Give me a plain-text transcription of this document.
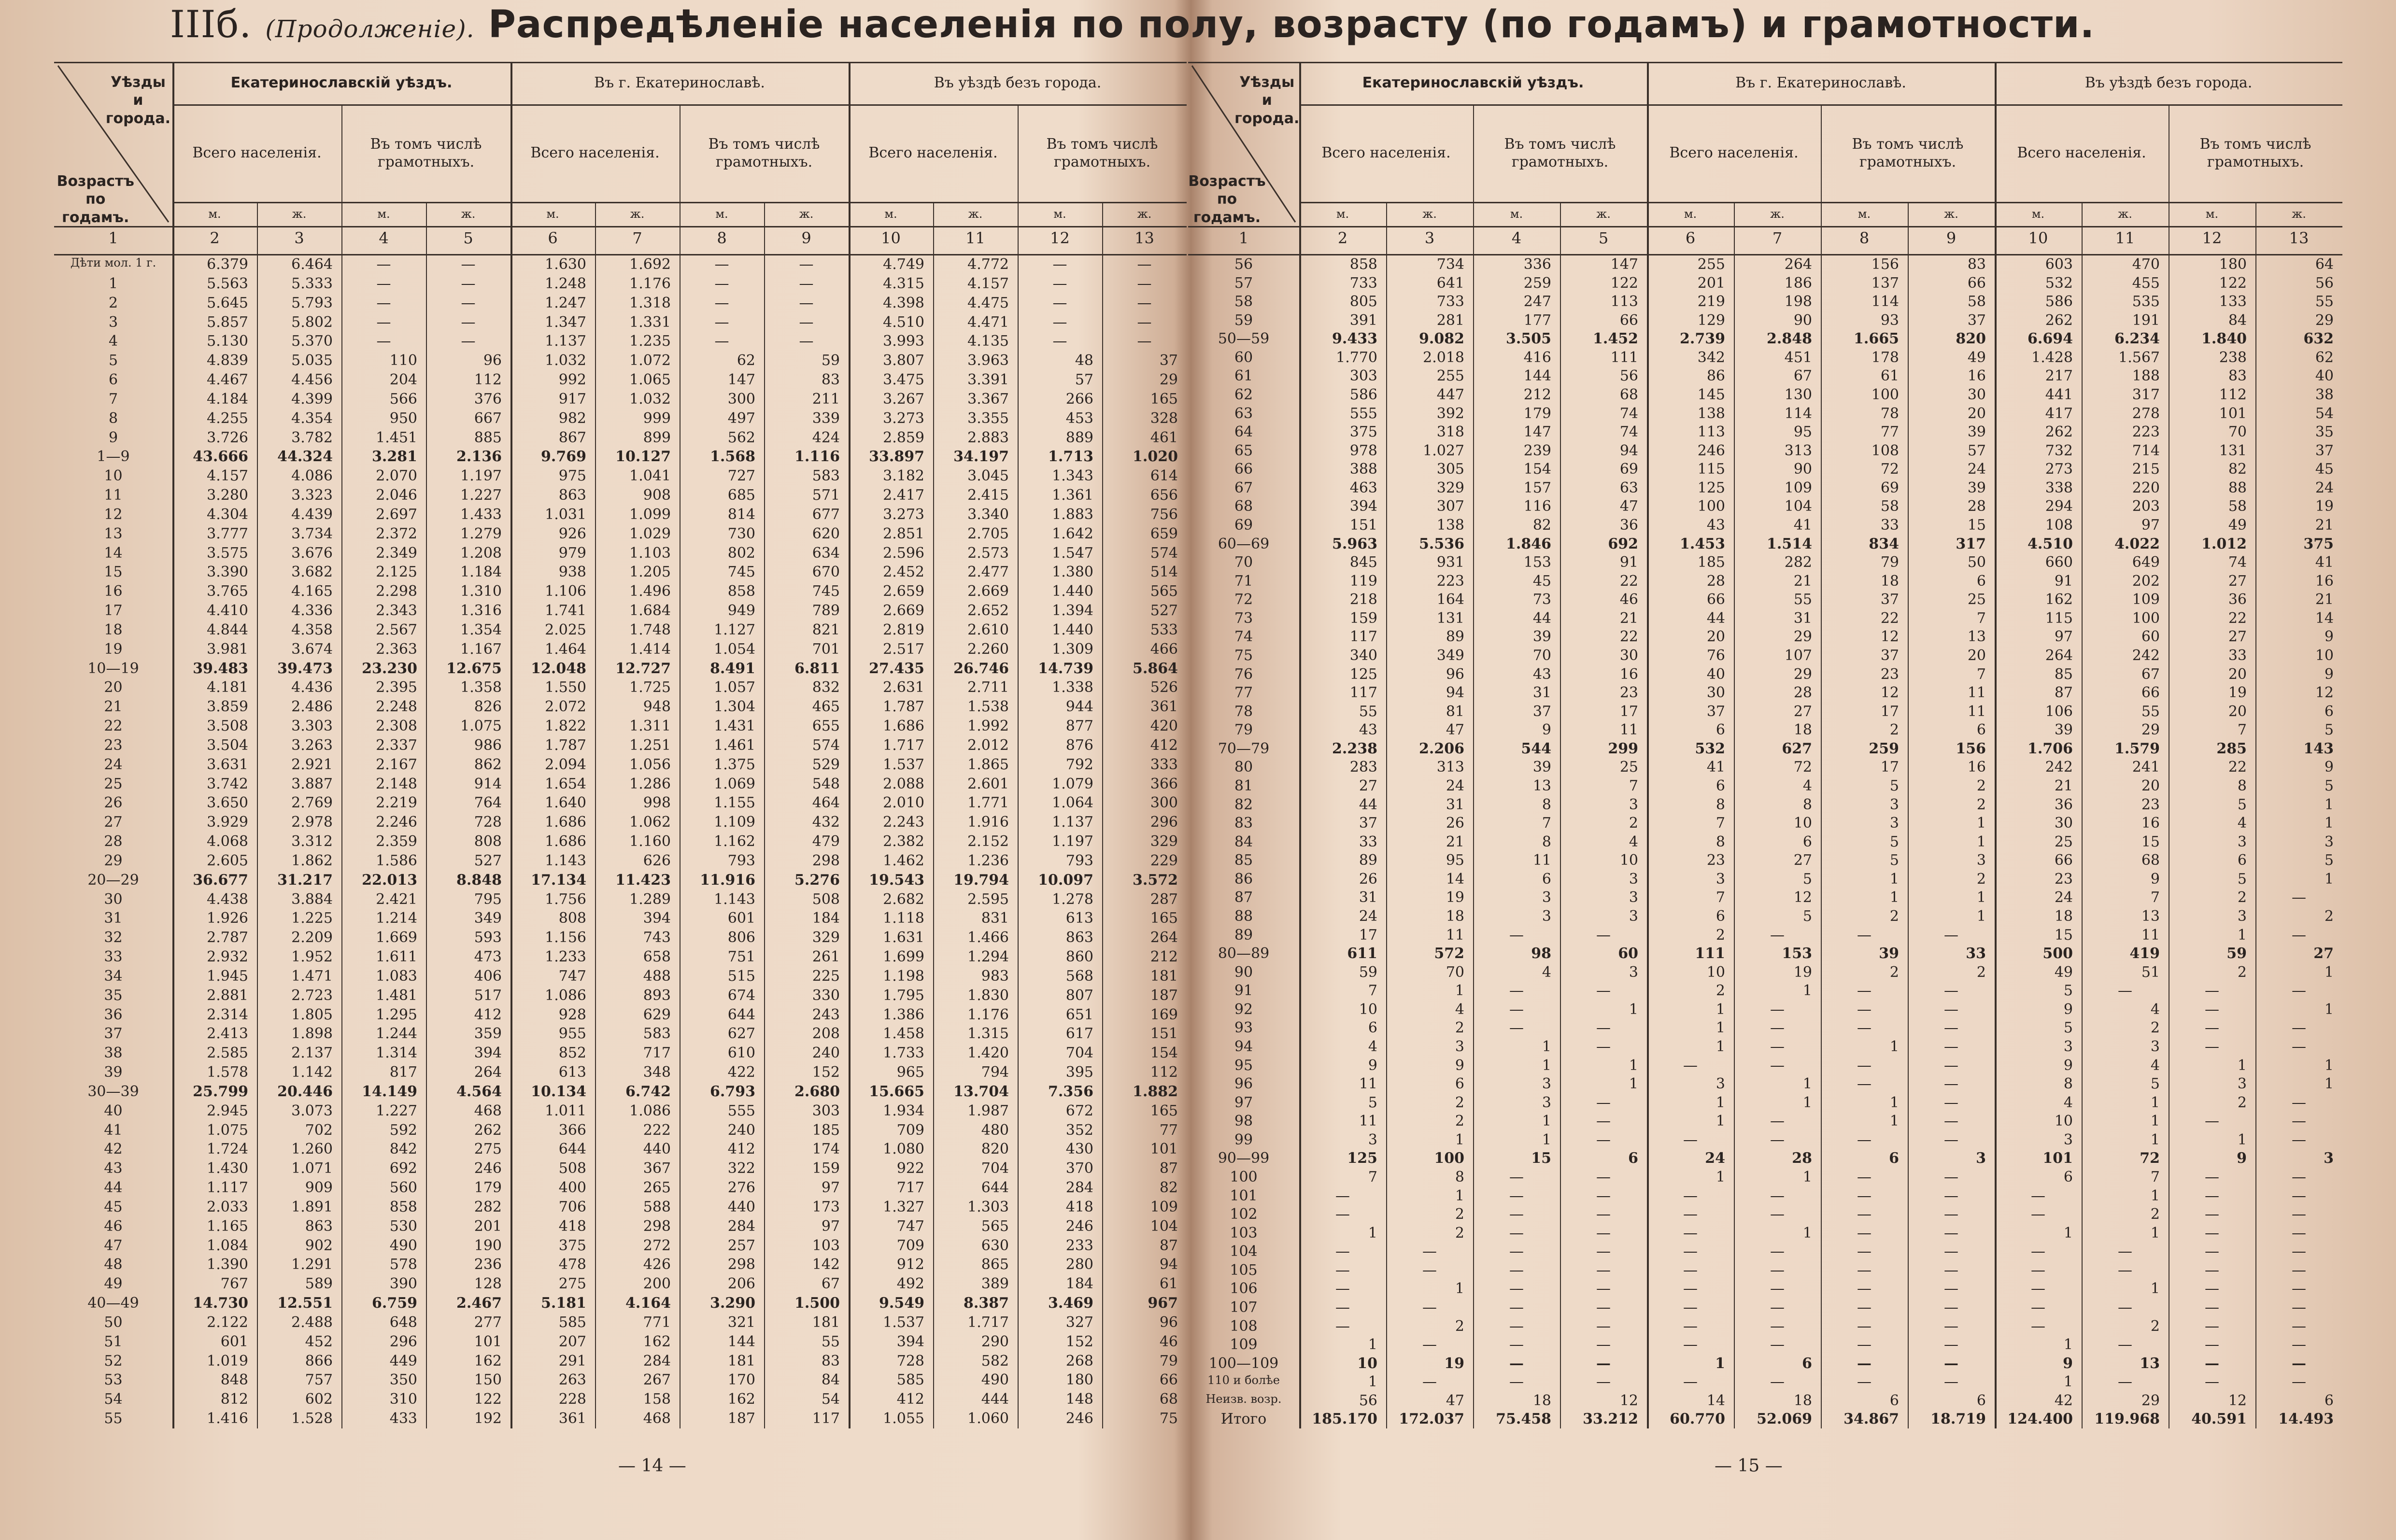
IIIб. (Продолженіе). Распредѣленіе населенія по полу, возрасту (по годамъ) и грамотности.
Уѣзды и города.
Возрастъ по годамъ.
Екатеринославскій уѣздъ.
Всего населенія.
м.	ж.
Въ томъ числѣ грамотныхъ.
м.	ж.
Въ г. Екатеринославѣ.
Всего населенія.
м.	ж.
Въ томъ числѣ грамотныхъ.
м.	ж.
Въ уѣздѣ безъ города.
Всего населенія.
м.	ж.
Въ томъ числѣ грамотныхъ.
м.	ж.
1	2	3	4	5	6	7	8	9	10	11	12	13
Дѣти мол. 1 г.	6.379	6.464	—	—	1.630	1.692	—	—	4.749	4.772	—	—
1	5.563	5.333	—	—	1.248	1.176	—	—	4.315	4.157	—	—
2	5.645	5.793	—	—	1.247	1.318	—	—	4.398	4.475	—	—
3	5.857	5.802	—	—	1.347	1.331	—	—	4.510	4.471	—	—
4	5.130	5.370	—	—	1.137	1.235	—	—	3.993	4.135	—	—
5	4.839	5.035	110	96	1.032	1.072	62	59	3.807	3.963	48	37
6	4.467	4.456	204	112	992	1.065	147	83	3.475	3.391	57	29
7	4.184	4.399	566	376	917	1.032	300	211	3.267	3.367	266	165
8	4.255	4.354	950	667	982	999	497	339	3.273	3.355	453	328
9	3.726	3.782	1.451	885	867	899	562	424	2.859	2.883	889	461
1—9	43.666	44.324	3.281	2.136	9.769	10.127	1.568	1.116	33.897	34.197	1.713	1.020
10	4.157	4.086	2.070	1.197	975	1.041	727	583	3.182	3.045	1.343	614
11	3.280	3.323	2.046	1.227	863	908	685	571	2.417	2.415	1.361	656
12	4.304	4.439	2.697	1.433	1.031	1.099	814	677	3.273	3.340	1.883	756
13	3.777	3.734	2.372	1.279	926	1.029	730	620	2.851	2.705	1.642	659
14	3.575	3.676	2.349	1.208	979	1.103	802	634	2.596	2.573	1.547	574
15	3.390	3.682	2.125	1.184	938	1.205	745	670	2.452	2.477	1.380	514
16	3.765	4.165	2.298	1.310	1.106	1.496	858	745	2.659	2.669	1.440	565
17	4.410	4.336	2.343	1.316	1.741	1.684	949	789	2.669	2.652	1.394	527
18	4.844	4.358	2.567	1.354	2.025	1.748	1.127	821	2.819	2.610	1.440	533
19	3.981	3.674	2.363	1.167	1.464	1.414	1.054	701	2.517	2.260	1.309	466
10—19	39.483	39.473	23.230	12.675	12.048	12.727	8.491	6.811	27.435	26.746	14.739	5.864
20	4.181	4.436	2.395	1.358	1.550	1.725	1.057	832	2.631	2.711	1.338	526
21	3.859	2.486	2.248	826	2.072	948	1.304	465	1.787	1.538	944	361
22	3.508	3.303	2.308	1.075	1.822	1.311	1.431	655	1.686	1.992	877	420
23	3.504	3.263	2.337	986	1.787	1.251	1.461	574	1.717	2.012	876	412
24	3.631	2.921	2.167	862	2.094	1.056	1.375	529	1.537	1.865	792	333
25	3.742	3.887	2.148	914	1.654	1.286	1.069	548	2.088	2.601	1.079	366
26	3.650	2.769	2.219	764	1.640	998	1.155	464	2.010	1.771	1.064	300
27	3.929	2.978	2.246	728	1.686	1.062	1.109	432	2.243	1.916	1.137	296
28	4.068	3.312	2.359	808	1.686	1.160	1.162	479	2.382	2.152	1.197	329
29	2.605	1.862	1.586	527	1.143	626	793	298	1.462	1.236	793	229
20—29	36.677	31.217	22.013	8.848	17.134	11.423	11.916	5.276	19.543	19.794	10.097	3.572
30	4.438	3.884	2.421	795	1.756	1.289	1.143	508	2.682	2.595	1.278	287
31	1.926	1.225	1.214	349	808	394	601	184	1.118	831	613	165
32	2.787	2.209	1.669	593	1.156	743	806	329	1.631	1.466	863	264
33	2.932	1.952	1.611	473	1.233	658	751	261	1.699	1.294	860	212
34	1.945	1.471	1.083	406	747	488	515	225	1.198	983	568	181
35	2.881	2.723	1.481	517	1.086	893	674	330	1.795	1.830	807	187
36	2.314	1.805	1.295	412	928	629	644	243	1.386	1.176	651	169
37	2.413	1.898	1.244	359	955	583	627	208	1.458	1.315	617	151
38	2.585	2.137	1.314	394	852	717	610	240	1.733	1.420	704	154
39	1.578	1.142	817	264	613	348	422	152	965	794	395	112
30—39	25.799	20.446	14.149	4.564	10.134	6.742	6.793	2.680	15.665	13.704	7.356	1.882
40	2.945	3.073	1.227	468	1.011	1.086	555	303	1.934	1.987	672	165
41	1.075	702	592	262	366	222	240	185	709	480	352	77
42	1.724	1.260	842	275	644	440	412	174	1.080	820	430	101
43	1.430	1.071	692	246	508	367	322	159	922	704	370	87
44	1.117	909	560	179	400	265	276	97	717	644	284	82
45	2.033	1.891	858	282	706	588	440	173	1.327	1.303	418	109
46	1.165	863	530	201	418	298	284	97	747	565	246	104
47	1.084	902	490	190	375	272	257	103	709	630	233	87
48	1.390	1.291	578	236	478	426	298	142	912	865	280	94
49	767	589	390	128	275	200	206	67	492	389	184	61
40—49	14.730	12.551	6.759	2.467	5.181	4.164	3.290	1.500	9.549	8.387	3.469	967
50	2.122	2.488	648	277	585	771	321	181	1.537	1.717	327	96
51	601	452	296	101	207	162	144	55	394	290	152	46
52	1.019	866	449	162	291	284	181	83	728	582	268	79
53	848	757	350	150	263	267	170	84	585	490	180	66
54	812	602	310	122	228	158	162	54	412	444	148	68
55	1.416	1.528	433	192	361	468	187	117	1.055	1.060	246	75
Уѣзды и города.
Возрастъ по годамъ.
Екатеринославскій уѣздъ.
Всего населенія.
м.	ж.
Въ томъ числѣ грамотныхъ.
м.	ж.
Въ г. Екатеринославѣ.
Всего населенія.
м.	ж.
Въ томъ числѣ грамотныхъ.
м.	ж.
Въ уѣздѣ безъ города.
Всего населенія.
м.	ж.
Въ томъ числѣ грамотныхъ.
м.	ж.
1	2	3	4	5	6	7	8	9	10	11	12	13
56	858	734	336	147	255	264	156	83	603	470	180	64
57	733	641	259	122	201	186	137	66	532	455	122	56
58	805	733	247	113	219	198	114	58	586	535	133	55
59	391	281	177	66	129	90	93	37	262	191	84	29
50—59	9.433	9.082	3.505	1.452	2.739	2.848	1.665	820	6.694	6.234	1.840	632
60	1.770	2.018	416	111	342	451	178	49	1.428	1.567	238	62
61	303	255	144	56	86	67	61	16	217	188	83	40
62	586	447	212	68	145	130	100	30	441	317	112	38
63	555	392	179	74	138	114	78	20	417	278	101	54
64	375	318	147	74	113	95	77	39	262	223	70	35
65	978	1.027	239	94	246	313	108	57	732	714	131	37
66	388	305	154	69	115	90	72	24	273	215	82	45
67	463	329	157	63	125	109	69	39	338	220	88	24
68	394	307	116	47	100	104	58	28	294	203	58	19
69	151	138	82	36	43	41	33	15	108	97	49	21
60—69	5.963	5.536	1.846	692	1.453	1.514	834	317	4.510	4.022	1.012	375
70	845	931	153	91	185	282	79	50	660	649	74	41
71	119	223	45	22	28	21	18	6	91	202	27	16
72	218	164	73	46	66	55	37	25	162	109	36	21
73	159	131	44	21	44	31	22	7	115	100	22	14
74	117	89	39	22	20	29	12	13	97	60	27	9
75	340	349	70	30	76	107	37	20	264	242	33	10
76	125	96	43	16	40	29	23	7	85	67	20	9
77	117	94	31	23	30	28	12	11	87	66	19	12
78	55	81	37	17	37	27	17	11	106	55	20	6
79	43	47	9	11	6	18	2	6	39	29	7	5
70—79	2.238	2.206	544	299	532	627	259	156	1.706	1.579	285	143
80	283	313	39	25	41	72	17	16	242	241	22	9
81	27	24	13	7	6	4	5	2	21	20	8	5
82	44	31	8	3	8	8	3	2	36	23	5	1
83	37	26	7	2	7	10	3	1	30	16	4	1
84	33	21	8	4	8	6	5	1	25	15	3	3
85	89	95	11	10	23	27	5	3	66	68	6	5
86	26	14	6	3	3	5	1	2	23	9	5	1
87	31	19	3	3	7	12	1	1	24	7	2	—
88	24	18	3	3	6	5	2	1	18	13	3	2
89	17	11	—	—	2	—	—	—	15	11	1	—
80—89	611	572	98	60	111	153	39	33	500	419	59	27
90	59	70	4	3	10	19	2	2	49	51	2	1
91	7	1	—	—	2	1	—	—	5	—	—	—
92	10	4	—	1	1	—	—	—	9	4	—	1
93	6	2	—	—	1	—	—	—	5	2	—	—
94	4	3	1	—	1	—	1	—	3	3	—	—
95	9	9	1	1	—	—	—	—	9	4	1	1
96	11	6	3	1	3	1	—	—	8	5	3	1
97	5	2	3	—	1	1	1	—	4	1	2	—
98	11	2	1	—	1	—	1	—	10	1	—	—
99	3	1	1	—	—	—	—	—	3	1	1	—
90—99	125	100	15	6	24	28	6	3	101	72	9	3
100	7	8	—	—	1	1	—	—	6	7	—	—
101	—	1	—	—	—	—	—	—	—	1	—	—
102	—	2	—	—	—	—	—	—	—	2	—	—
103	1	2	—	—	—	1	—	—	1	1	—	—
104	—	—	—	—	—	—	—	—	—	—	—	—
105	—	—	—	—	—	—	—	—	—	—	—	—
106	—	1	—	—	—	—	—	—	—	1	—	—
107	—	—	—	—	—	—	—	—	—	—	—	—
108	—	2	—	—	—	—	—	—	—	2	—	—
109	1	—	—	—	—	—	—	—	1	—	—	—
100—109	10	19	—	—	1	6	—	—	9	13	—	—
110 и болѣе	1	—	—	—	—	—	—	—	1	—	—	—
Неизв. возр.	56	47	18	12	14	18	6	6	42	29	12	6
Итого	185.170	172.037	75.458	33.212	60.770	52.069	34.867	18.719	124.400	119.968	40.591	14.493
— 14 —	— 15 —
